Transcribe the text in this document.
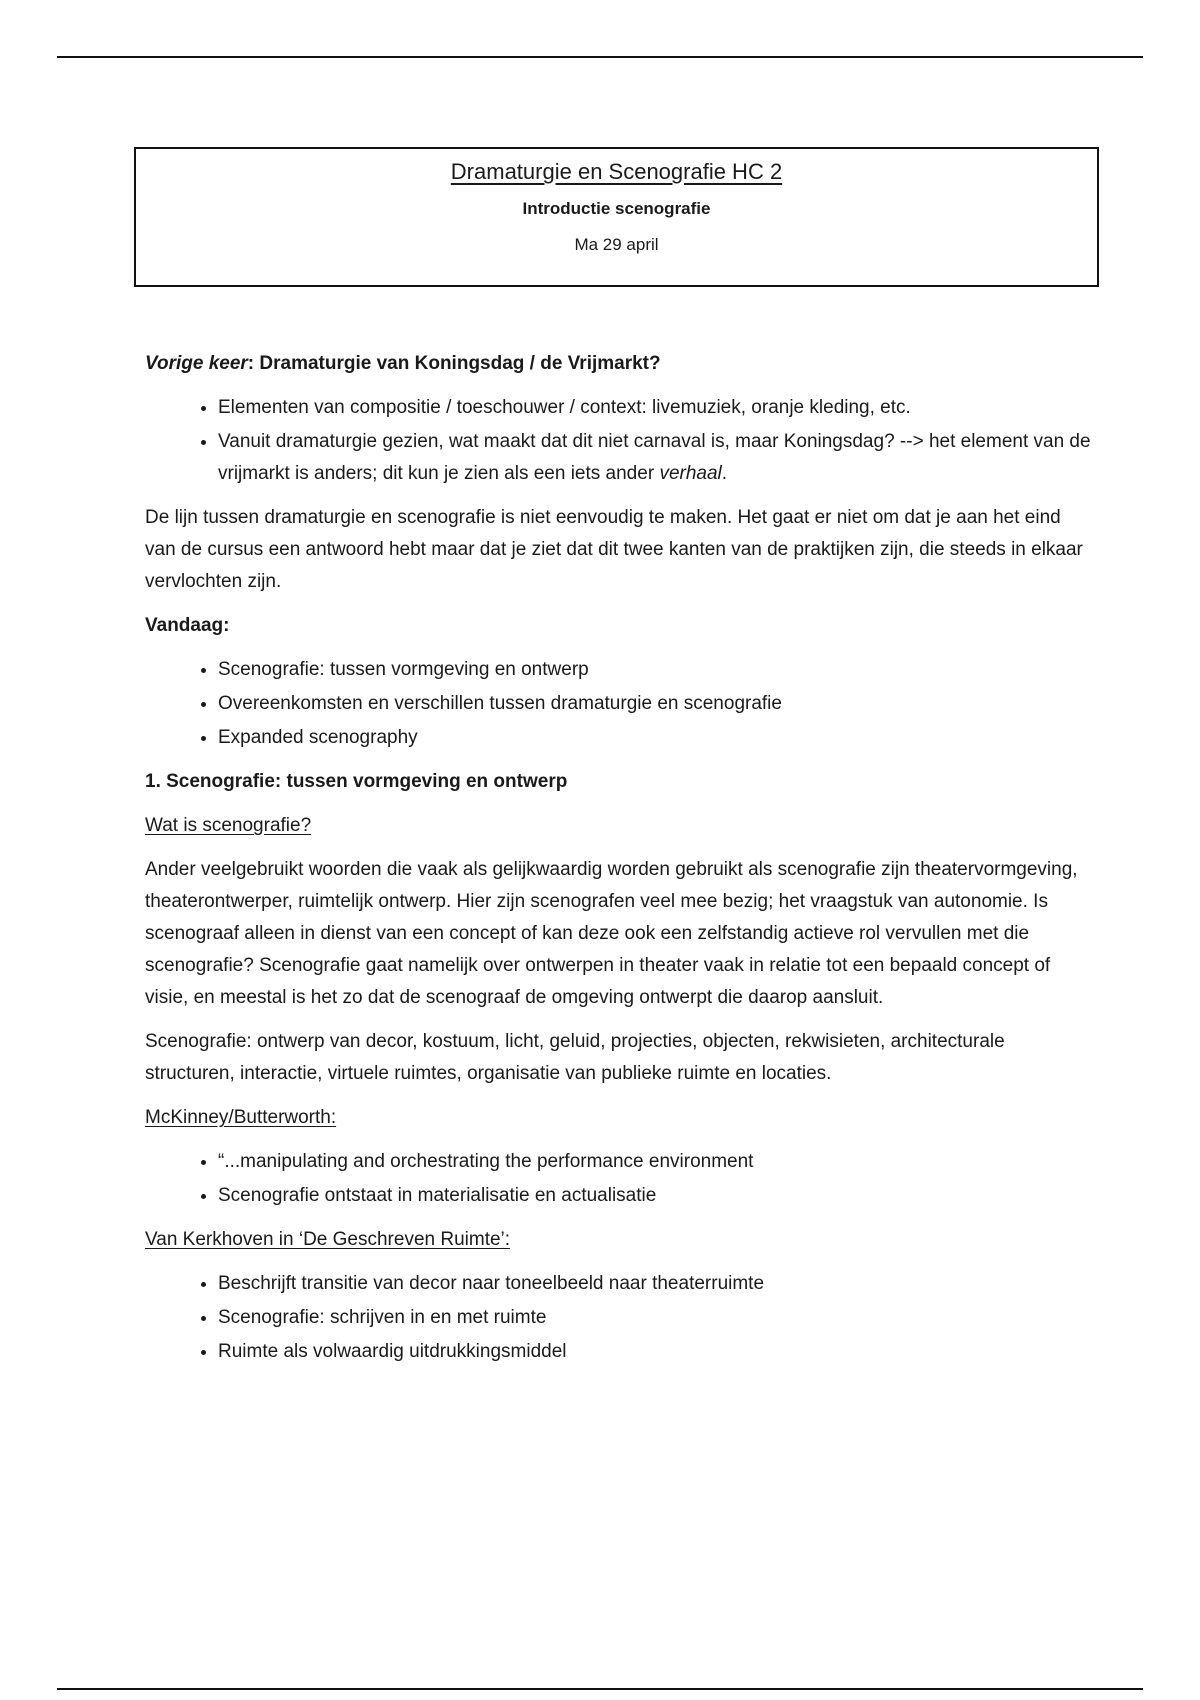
Dramaturgie en Scenografie HC 2
Introductie scenografie
Ma 29 april

Vorige keer: Dramaturgie van Koningsdag / de Vrijmarkt?

• Elementen van compositie / toeschouwer / context: livemuziek, oranje kleding, etc.
• Vanuit dramaturgie gezien, wat maakt dat dit niet carnaval is, maar Koningsdag? --> het element van de vrijmarkt is anders; dit kun je zien als een iets ander verhaal.

De lijn tussen dramaturgie en scenografie is niet eenvoudig te maken. Het gaat er niet om dat je aan het eind van de cursus een antwoord hebt maar dat je ziet dat dit twee kanten van de praktijken zijn, die steeds in elkaar vervlochten zijn.

Vandaag:

• Scenografie: tussen vormgeving en ontwerp
• Overeenkomsten en verschillen tussen dramaturgie en scenografie
• Expanded scenography
1. Scenografie: tussen vormgeving en ontwerp

Wat is scenografie?

Ander veelgebruikt woorden die vaak als gelijkwaardig worden gebruikt als scenografie zijn theatervormgeving, theaterontwerper, ruimtelijk ontwerp. Hier zijn scenografen veel mee bezig; het vraagstuk van autonomie. Is scenograaf alleen in dienst van een concept of kan deze ook een zelfstandig actieve rol vervullen met die scenografie? Scenografie gaat namelijk over ontwerpen in theater vaak in relatie tot een bepaald concept of visie, en meestal is het zo dat de scenograaf de omgeving ontwerpt die daarop aansluit.

Scenografie: ontwerp van decor, kostuum, licht, geluid, projecties, objecten, rekwisieten, architecturale structuren, interactie, virtuele ruimtes, organisatie van publieke ruimte en locaties.

McKinney/Butterworth:

• “...manipulating and orchestrating the performance environment
• Scenografie ontstaat in materialisatie en actualisatie

Van Kerkhoven in ‘De Geschreven Ruimte’:

• Beschrijft transitie van decor naar toneelbeeld naar theaterruimte
• Scenografie: schrijven in en met ruimte
• Ruimte als volwaardig uitdrukkingsmiddel
